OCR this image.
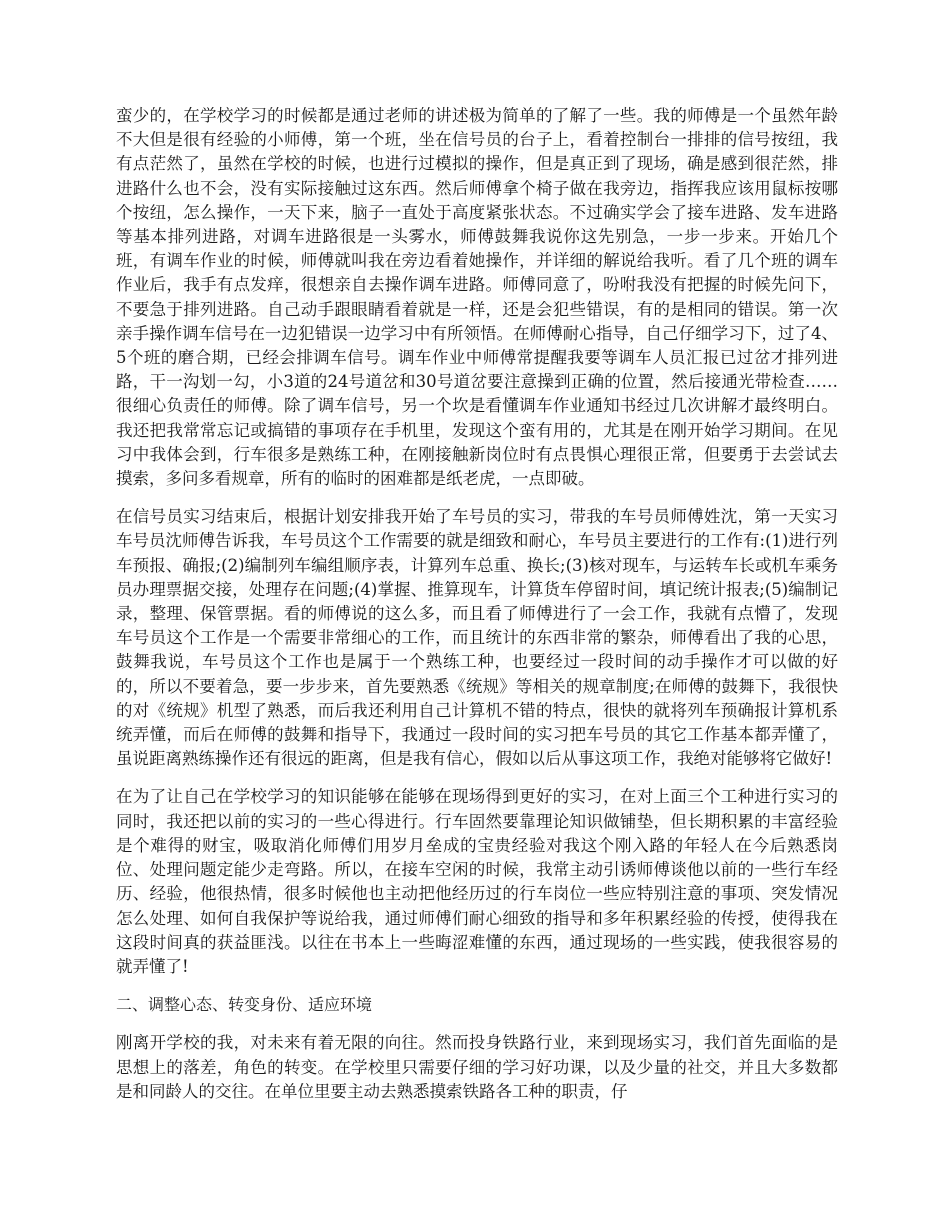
蛮少的，在学校学习的时候都是通过老师的讲述极为简单的了解了一些。我的师傅是一个虽然年龄不大但是很有经验的小师傅，第一个班，坐在信号员的台子上，看着控制台一排排的信号按纽，我有点茫然了，虽然在学校的时候，也进行过模拟的操作，但是真正到了现场，确是感到很茫然，排进路什么也不会，没有实际接触过这东西。然后师傅拿个椅子做在我旁边，指挥我应该用鼠标按哪个按纽，怎么操作，一天下来，脑子一直处于高度紧张状态。不过确实学会了接车进路、发车进路等基本排列进路，对调车进路很是一头雾水，师傅鼓舞我说你这先别急，一步一步来。开始几个班，有调车作业的时候，师傅就叫我在旁边看着她操作，并详细的解说给我听。看了几个班的调车作业后，我手有点发痒，很想亲自去操作调车进路。师傅同意了，吩咐我没有把握的时候先问下，不要急于排列进路。自己动手跟眼睛看着就是一样，还是会犯些错误，有的是相同的错误。第一次亲手操作调车信号在一边犯错误一边学习中有所领悟。在师傅耐心指导，自己仔细学习下，过了4、5个班的磨合期，已经会排调车信号。调车作业中师傅常提醒我要等调车人员汇报已过岔才排列进路，干一沟划一勾，小3道的24号道岔和30号道岔要注意操到正确的位置，然后接通光带检查……很细心负责任的师傅。除了调车信号，另一个坎是看懂调车作业通知书经过几次讲解才最终明白。我还把我常常忘记或搞错的事项存在手机里，发现这个蛮有用的，尤其是在刚开始学习期间。在见习中我体会到，行车很多是熟练工种，在刚接触新岗位时有点畏惧心理很正常，但要勇于去尝试去摸索，多问多看规章，所有的临时的困难都是纸老虎，一点即破。

在信号员实习结束后，根据计划安排我开始了车号员的实习，带我的车号员师傅姓沈，第一天实习车号员沈师傅告诉我，车号员这个工作需要的就是细致和耐心，车号员主要进行的工作有:(1)进行列车预报、确报;(2)编制列车编组顺序表，计算列车总重、换长;(3)核对现车，与运转车长或机车乘务员办理票据交接，处理存在问题;(4)掌握、推算现车，计算货车停留时间，填记统计报表;(5)编制记录，整理、保管票据。看的师傅说的这么多，而且看了师傅进行了一会工作，我就有点懵了，发现车号员这个工作是一个需要非常细心的工作，而且统计的东西非常的繁杂，师傅看出了我的心思，鼓舞我说，车号员这个工作也是属于一个熟练工种，也要经过一段时间的动手操作才可以做的好的，所以不要着急，要一步步来，首先要熟悉《统规》等相关的规章制度;在师傅的鼓舞下，我很快的对《统规》机型了熟悉，而后我还利用自己计算机不错的特点，很快的就将列车预确报计算机系统弄懂，而后在师傅的鼓舞和指导下，我通过一段时间的实习把车号员的其它工作基本都弄懂了，虽说距离熟练操作还有很远的距离，但是我有信心，假如以后从事这项工作，我绝对能够将它做好!

在为了让自己在学校学习的知识能够在能够在现场得到更好的实习，在对上面三个工种进行实习的同时，我还把以前的实习的一些心得进行。行车固然要靠理论知识做铺垫，但长期积累的丰富经验是个难得的财宝，吸取消化师傅们用岁月垒成的宝贵经验对我这个刚入路的年轻人在今后熟悉岗位、处理问题定能少走弯路。所以，在接车空闲的时候，我常主动引诱师傅谈他以前的一些行车经历、经验，他很热情，很多时候他也主动把他经历过的行车岗位一些应特别注意的事项、突发情况怎么处理、如何自我保护等说给我，通过师傅们耐心细致的指导和多年积累经验的传授，使得我在这段时间真的获益匪浅。以往在书本上一些晦涩难懂的东西，通过现场的一些实践，使我很容易的就弄懂了!

二、调整心态、转变身份、适应环境

刚离开学校的我，对未来有着无限的向往。然而投身铁路行业，来到现场实习，我们首先面临的是思想上的落差，角色的转变。在学校里只需要仔细的学习好功课，以及少量的社交，并且大多数都是和同龄人的交往。在单位里要主动去熟悉摸索铁路各工种的职责，仔
